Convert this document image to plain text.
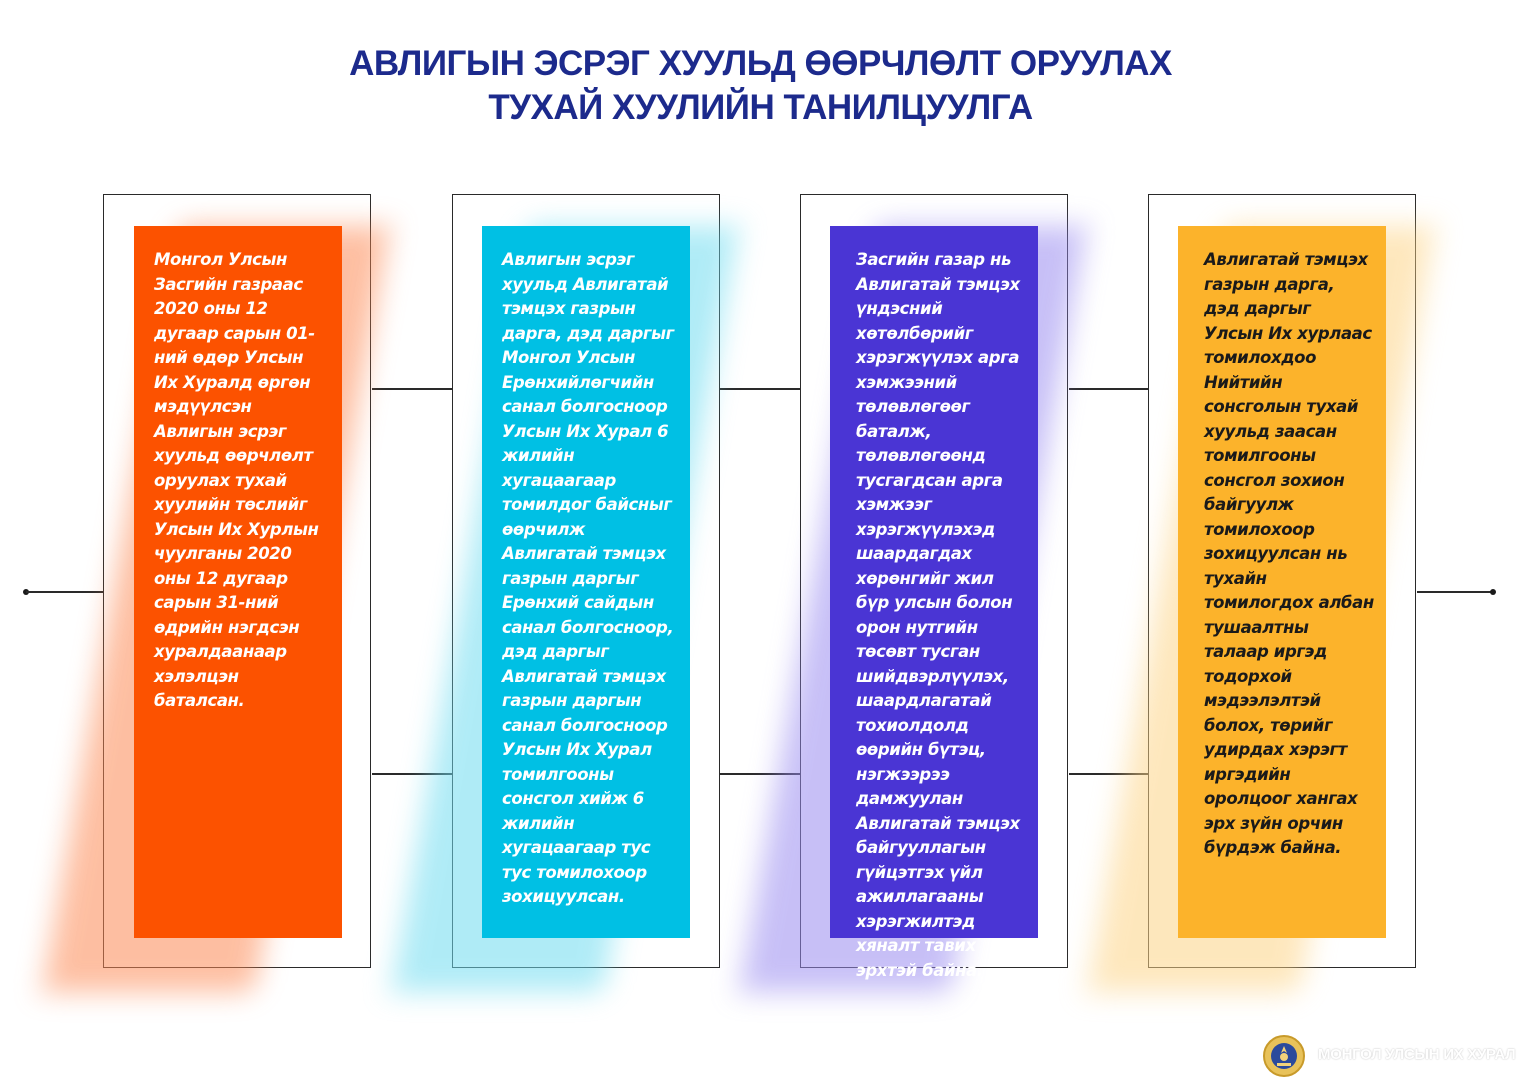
АВЛИГЫН ЭСРЭГ ХУУЛЬД ӨӨРЧЛӨЛТ ОРУУЛАХ
ТУХАЙ ХУУЛИЙН ТАНИЛЦУУЛГА
Монгол Улсын Засгийн газраас 2020 оны 12 дугаар сарын 01-ний өдөр Улсын Их Хуралд өргөн мэдүүлсэн Авлигын эсрэг хуульд өөрчлөлт оруулах тухай хуулийн төслийг Улсын Их Хурлын чуулганы 2020 оны 12 дугаар сарын 31-ний өдрийн нэгдсэн хуралдаанаар хэлэлцэн баталсан.
Авлигын эсрэг хуульд Авлигатай тэмцэх газрын дарга, дэд даргыг Монгол Улсын Ерөнхийлөгчийн санал болгосноор Улсын Их Хурал 6 жилийн хугацаагаар томилдог байсныг өөрчилж Авлигатай тэмцэх газрын даргыг Ерөнхий сайдын санал болгосноор, дэд даргыг Авлигатай тэмцэх газрын даргын санал болгосноор Улсын Их Хурал томилгооны сонсгол хийж 6 жилийн хугацаагаар тус тус томилохоор зохицуулсан.
Засгийн газар нь Авлигатай тэмцэх үндэсний хөтөлбөрийг хэрэгжүүлэх арга хэмжээний төлөвлөгөөг баталж, төлөвлөгөөнд тусгагдсан арга хэмжээг хэрэгжүүлэхэд шаардагдах хөрөнгийг жил бүр улсын болон орон нутгийн төсөвт тусган шийдвэрлүүлэх, шаардлагатай тохиолдолд өөрийн бүтэц, нэгжээрээ дамжуулан Авлигатай тэмцэх байгууллагын гүйцэтгэх үйл ажиллагааны хэрэгжилтэд хяналт тавих эрхтэй байна.
Авлигатай тэмцэх газрын дарга, дэд даргыг Улсын Их хурлаас томилохдоо Нийтийн сонсголын тухай хуульд заасан томилгооны сонсгол зохион байгуулж томилохоор зохицуулсан нь тухайн томилогдох албан тушаалтны талаар иргэд тодорхой мэдээлэлтэй болох, төрийг удирдах хэрэгт иргэдийн оролцоог хангах эрх зүйн орчин бүрдэж байна.
МОНГОЛ УЛСЫН ИХ ХУРАЛ
